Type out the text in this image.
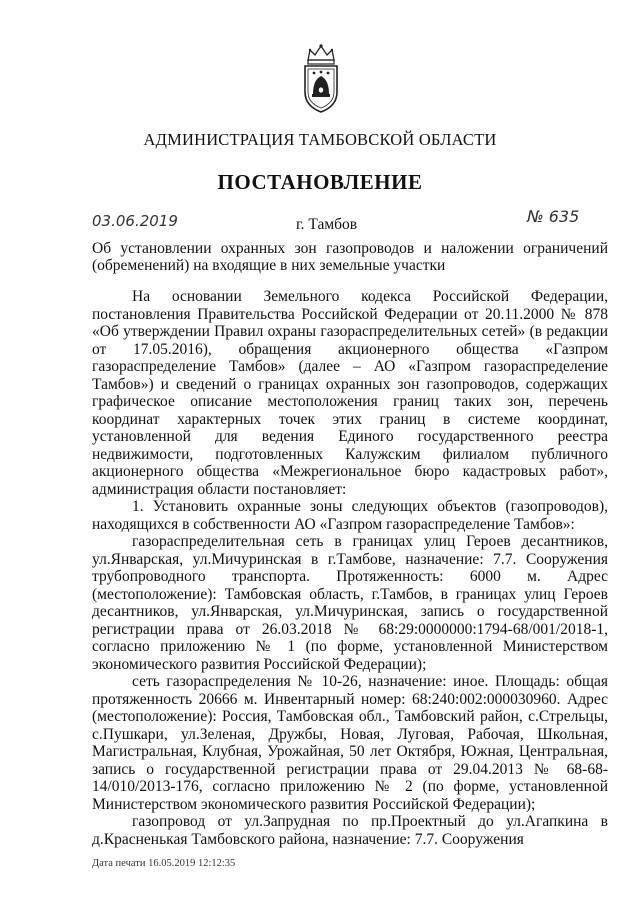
АДМИНИСТРАЦИЯ ТАМБОВСКОЙ ОБЛАСТИ
ПОСТАНОВЛЕНИЕ
03.06.2019	г. Тамбов	№ 635
Об установлении охранных зон газопроводов и наложении ограничений (обременений) на входящие в них земельные участки

На основании Земельного кодекса Российской Федерации, постановления Правительства Российской Федерации от 20.11.2000 № 878 «Об утверждении Правил охраны газораспределительных сетей» (в редакции от 17.05.2016), обращения акционерного общества «Газпром газораспределение Тамбов» (далее – АО «Газпром газораспределение Тамбов») и сведений о границах охранных зон газопроводов, содержащих графическое описание местоположения границ таких зон, перечень координат характерных точек этих границ в системе координат, установленной для ведения Единого государственного реестра недвижимости, подготовленных Калужским филиалом публичного акционерного общества «Межрегиональное бюро кадастровых работ», администрация области постановляет:

1. Установить охранные зоны следующих объектов (газопроводов), находящихся в собственности АО «Газпром газораспределение Тамбов»:

газораспределительная сеть в границах улиц Героев десантников, ул.Январская, ул.Мичуринская в г.Тамбове, назначение: 7.7. Сооружения трубопроводного транспорта. Протяженность: 6000 м. Адрес (местоположение): Тамбовская область, г.Тамбов, в границах улиц Героев десантников, ул.Январская, ул.Мичуринская, запись о государственной регистрации права от 26.03.2018 № 68:29:0000000:1794-68/001/2018-1, согласно приложению № 1 (по форме, установленной Министерством экономического развития Российской Федерации);

сеть газораспределения № 10-26, назначение: иное. Площадь: общая протяженность 20666 м. Инвентарный номер: 68:240:002:000030960. Адрес (местоположение): Россия, Тамбовская обл., Тамбовский район, с.Стрельцы, с.Пушкари, ул.Зеленая, Дружбы, Новая, Луговая, Рабочая, Школьная, Магистральная, Клубная, Урожайная, 50 лет Октября, Южная, Центральная, запись о государственной регистрации права от 29.04.2013 № 68-68-14/010/2013-176, согласно приложению № 2 (по форме, установленной Министерством экономического развития Российской Федерации);

газопровод от ул.Запрудная по пр.Проектный до ул.Агапкина в д.Красненькая Тамбовского района, назначение: 7.7. Сооружения

Дата печати 16.05.2019 12:12:35
